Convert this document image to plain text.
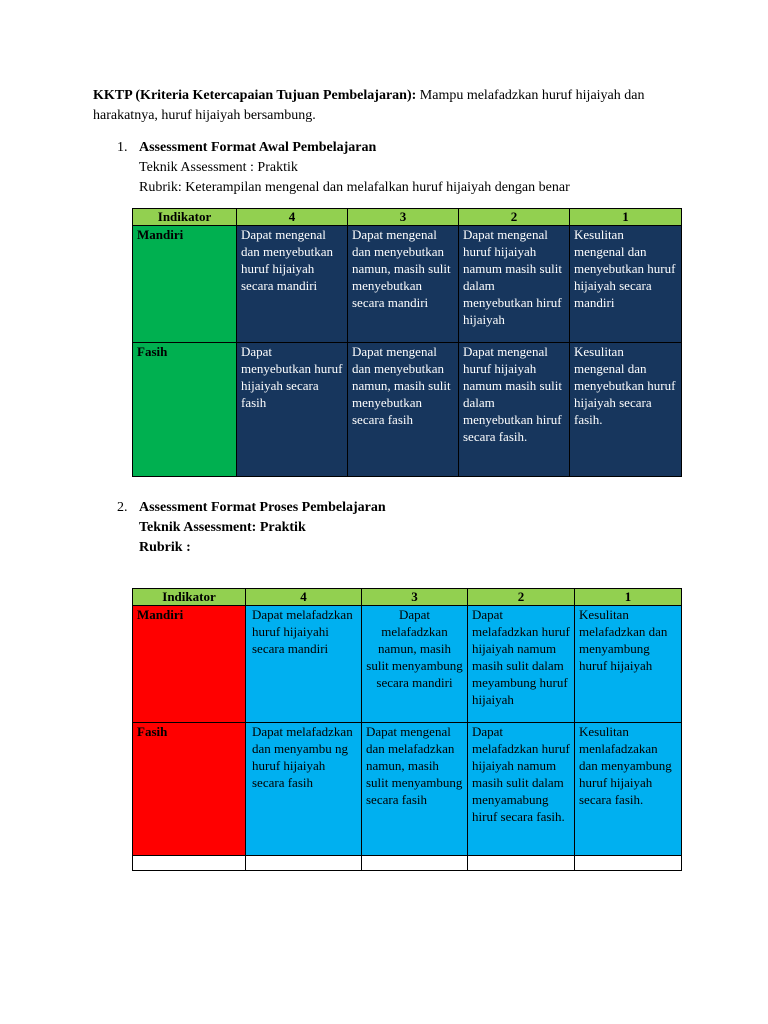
KKTP (Kriteria Ketercapaian Tujuan Pembelajaran): Mampu melafadzkan huruf hijaiyah dan harakatnya, huruf hijaiyah bersambung.
1. Assessment Format Awal Pembelajaran
Teknik Assessment : Praktik
Rubrik: Keterampilan mengenal dan melafalkan huruf hijaiyah dengan benar
Indikator	4	3	2	1
Mandiri	Dapat mengenal dan menyebutkan huruf hijaiyah secara mandiri	Dapat mengenal dan menyebutkan namun, masih sulit menyebutkan secara mandiri	Dapat mengenal huruf hijaiyah namum masih sulit dalam menyebutkan hiruf hijaiyah	Kesulitan mengenal dan menyebutkan huruf hijaiyah secara mandiri
Fasih	Dapat menyebutkan huruf hijaiyah secara fasih	Dapat mengenal dan menyebutkan namun, masih sulit menyebutkan secara fasih	Dapat mengenal huruf hijaiyah namum masih sulit dalam menyebutkan hiruf secara fasih.	Kesulitan mengenal dan menyebutkan huruf hijaiyah secara fasih.
2. Assessment Format Proses Pembelajaran
Teknik Assessment: Praktik
Rubrik :
Indikator	4	3	2	1
Mandiri	Dapat melafadzkan huruf hijaiyahi secara mandiri	Dapat melafadzkan namun, masih sulit menyambung secara mandiri	Dapat melafadzkan huruf hijaiyah namum masih sulit dalam meyambung huruf hijaiyah	Kesulitan melafadzkan dan menyambung huruf hijaiyah
Fasih	Dapat melafadzkan dan menyambu ng huruf hijaiyah secara fasih	Dapat mengenal dan melafadzkan namun, masih sulit menyambung secara fasih	Dapat melafadzkan huruf hijaiyah namum masih sulit dalam menyamabung hiruf secara fasih.	Kesulitan menlafadzakan dan menyambung huruf hijaiyah secara fasih.
